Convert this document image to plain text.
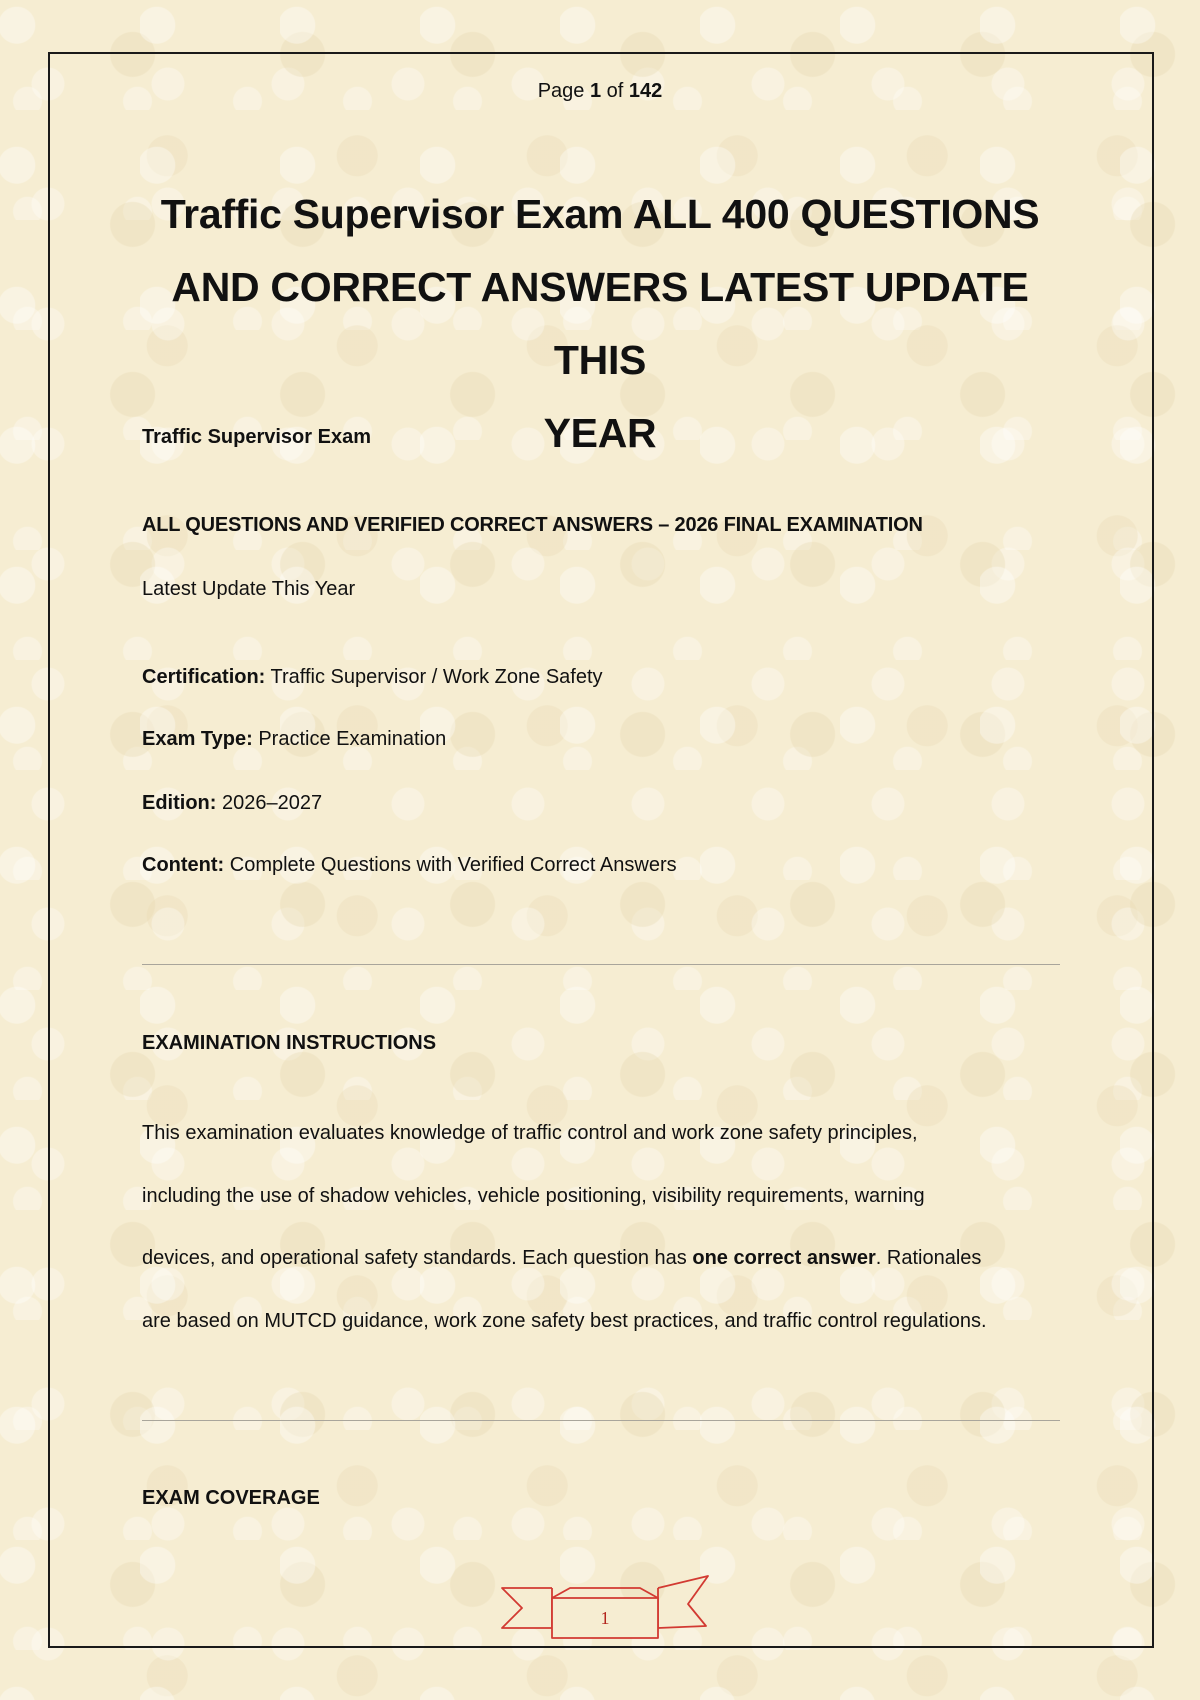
Page 1 of 142
Traffic Supervisor Exam ALL 400 QUESTIONS
AND CORRECT ANSWERS LATEST UPDATE THIS
YEAR
Traffic Supervisor Exam
ALL QUESTIONS AND VERIFIED CORRECT ANSWERS – 2026 FINAL EXAMINATION
Latest Update This Year
Certification: Traffic Supervisor / Work Zone Safety
Exam Type: Practice Examination
Edition: 2026–2027
Content: Complete Questions with Verified Correct Answers
EXAMINATION INSTRUCTIONS
This examination evaluates knowledge of traffic control and work zone safety principles,
including the use of shadow vehicles, vehicle positioning, visibility requirements, warning
devices, and operational safety standards. Each question has one correct answer. Rationales
are based on MUTCD guidance, work zone safety best practices, and traffic control regulations.
EXAM COVERAGE
1
